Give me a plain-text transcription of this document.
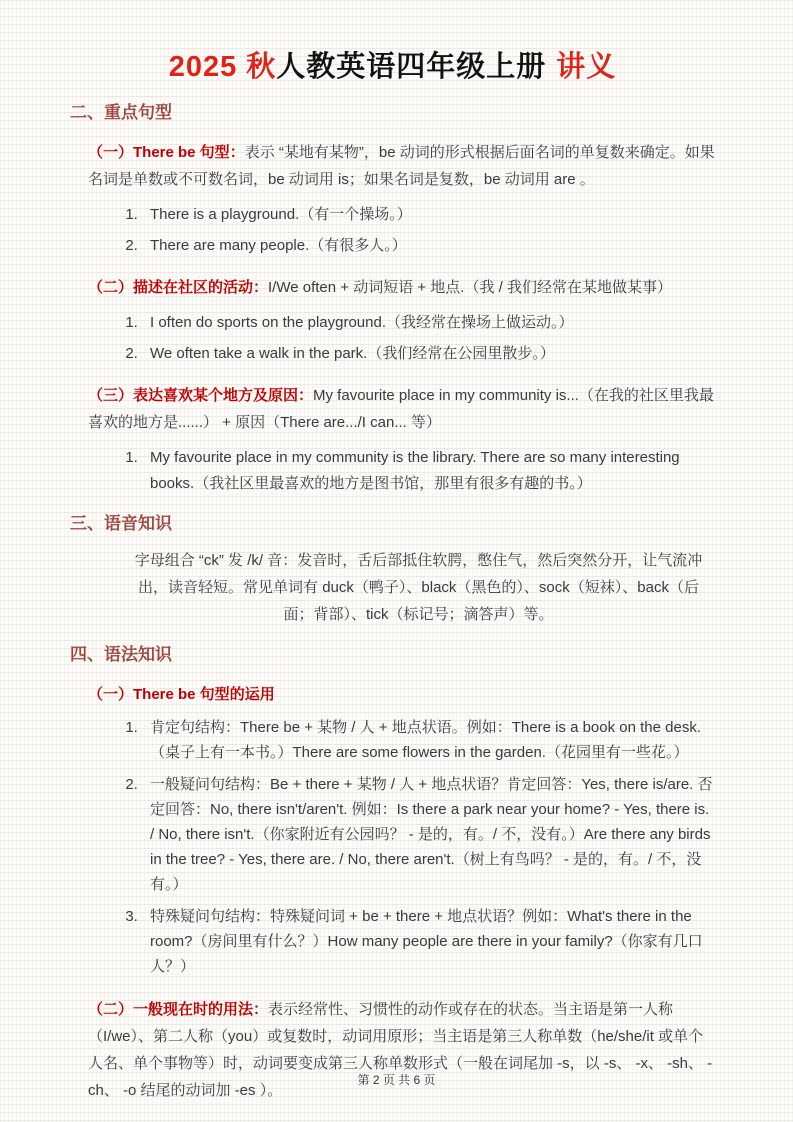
2025 秋人教英语四年级上册 讲义
二、重点句型

（一）There be 句型：表示 “某地有某物”，be 动词的形式根据后面名词的单复数来确定。如果名词是单数或不可数名词，be 动词用 is；如果名词是复数，be 动词用 are 。

1. There is a playground.（有一个操场。）
2. There are many people.（有很多人。）

（二）描述在社区的活动：I/We often + 动词短语 + 地点.（我 / 我们经常在某地做某事）

1. I often do sports on the playground.（我经常在操场上做运动。）
2. We often take a walk in the park.（我们经常在公园里散步。）

（三）表达喜欢某个地方及原因：My favourite place in my community is...（在我的社区里我最喜欢的地方是......） + 原因（There are.../I can... 等）

1. My favourite place in my community is the library. There are so many interesting books.（我社区里最喜欢的地方是图书馆，那里有很多有趣的书。）
三、语音知识

字母组合 “ck” 发 /k/ 音：发音时，舌后部抵住软腭，憋住气，然后突然分开，让气流冲出，读音轻短。常见单词有 duck（鸭子）、black（黑色的）、sock（短袜）、back（后面；背部）、tick（标记号；滴答声）等。

四、语法知识
（一）There be 句型的运用
1. 肯定句结构：There be + 某物 / 人 + 地点状语。例如：There is a book on the desk.（桌子上有一本书。）There are some flowers in the garden.（花园里有一些花。）
2. 一般疑问句结构：Be + there + 某物 / 人 + 地点状语？肯定回答：Yes, there is/are. 否定回答：No, there isn't/aren't. 例如：Is there a park near your home? - Yes, there is. / No, there isn't.（你家附近有公园吗？ - 是的，有。/ 不，没有。）Are there any birds in the tree? - Yes, there are. / No, there aren't.（树上有鸟吗？ - 是的，有。/ 不，没有。）
3. 特殊疑问句结构：特殊疑问词 + be + there + 地点状语？例如：What's there in the room?（房间里有什么？）How many people are there in your family?（你家有几口人？）

（二）一般现在时的用法：表示经常性、习惯性的动作或存在的状态。当主语是第一人称（I/we）、第二人称（you）或复数时，动词用原形；当主语是第三人称单数（he/she/it 或单个人名、单个事物等）时，动词要变成第三人称单数形式（一般在词尾加 -s，以 -s、 -x、 -sh、 -ch、 -o 结尾的动词加 -es ）。

第 2 页 共 6 页
